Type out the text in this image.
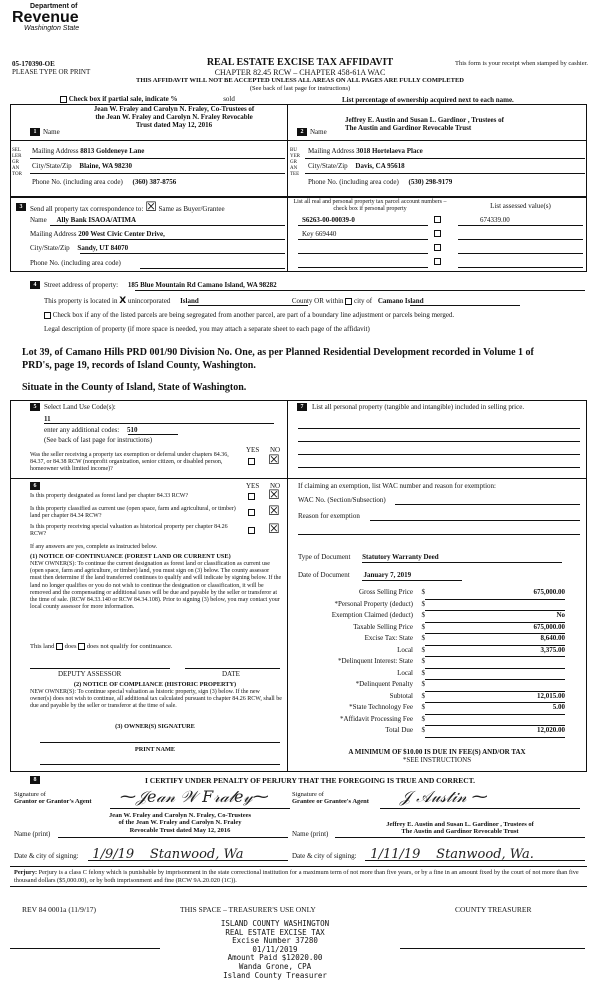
Department of
Revenue
Washington State
05-170390-OE
PLEASE TYPE OR PRINT
REAL ESTATE EXCISE TAX AFFIDAVIT
CHAPTER 82.45 RCW – CHAPTER 458-61A WAC
THIS AFFIDAVIT WILL NOT BE ACCEPTED UNLESS ALL AREAS ON ALL PAGES ARE FULLY COMPLETED
(See back of last page for instructions)
This form is your receipt when stamped by cashier.
Check box if partial sale, indicate %	sold	List percentage of ownership acquired next to each name.
1 Name
Jean W. Fraley and Carolyn N. Fraley, Co-Trustees of
the Jean W. Fraley and Carolyn N. Fraley Revocable
Trust dated May 12, 2016
SELLER GRANTOR
Mailing Address 8813 Goldeneye Lane
City/State/Zip Blaine, WA 98230
Phone No. (including area code) (360) 387-8756
2 Name
Jeffrey E. Austin and Susan L. Gardinor , Trustees of
The Austin and Gardinor Revocable Trust
BUYER GRANTEE
Mailing Address 3018 Hortelaeva Place
City/State/Zip Davis, CA 95618
Phone No. (including area code) (530) 298-9179
3	Send all property tax correspondence to: ☒ Same as Buyer/Grantee
Name Ally Bank ISAOA/ATIMA
Mailing Address 200 West Civic Center Drive,
City/State/Zip Sandy, UT 84070
Phone No. (including area code)
List all real and personal property tax parcel account numbers – check box if personal property	List assessed value(s)
S6263-00-00039-0
Key 669440
674339.00
4	Street address of property: 185 Blue Mountain Rd Camano Island, WA 98282
This property is located in X unincorporated Island	County OR within city of Camano Island
Check box if any of the listed parcels are being segregated from another parcel, are part of a boundary line adjustment or parcels being merged.
Legal description of property (if more space is needed, you may attach a separate sheet to each page of the affidavit)
Lot 39, of Camano Hills PRD 001/90 Division No. One, as per Planned Residential Development recorded in Volume 1 of PRD's, page 19, records of Island County, Washington.
Situate in the County of Island, State of Washington.
5	Select Land Use Code(s):
11
enter any additional codes: 510
(See back of last page for instructions)
YES NO
Was the seller receiving a property tax exemption or deferral under chapters 84.36, 84.37, or 84.38 RCW (nonprofit organization, senior citizen, or disabled person, homeowner with limited income)?
☒
6	YES NO
Is this property designated as forest land per chapter 84.33 RCW?	☒
Is this property classified as current use (open space, farm and agricultural, or timber) land per chapter 84.34 RCW?	☒
Is this property receiving special valuation as historical property per chapter 84.26 RCW?	☒
If any answers are yes, complete as instructed below.
(1) NOTICE OF CONTINUANCE (FOREST LAND OR CURRENT USE)
NEW OWNER(S): To continue the current designation as forest land or classification as current use (open space, farm and agriculture, or timber) land, you must sign on (3) below. The county assessor must then determine if the land transferred continues to qualify and will indicate by signing below. If the land no longer qualifies or you do not wish to continue the designation or classification, it will be removed and the compensating or additional taxes will be due and payable by the seller or transferor at the time of sale. (RCW 84.33.140 or RCW 84.34.108). Prior to signing (3) below, you may contact your local county assessor for more information.
This land does does not qualify for continuance.
DEPUTY ASSESSOR	DATE
(2) NOTICE OF COMPLIANCE (HISTORIC PROPERTY)
NEW OWNER(S): To continue special valuation as historic property, sign (3) below. If the new owner(s) does not wish to continue, all additional tax calculated pursuant to chapter 84.26 RCW, shall be due and payable by the seller or transferor at the time of sale.
(3) OWNER(S) SIGNATURE
PRINT NAME
7	List all personal property (tangible and intangible) included in selling price.
If claiming an exemption, list WAC number and reason for exemption:
WAC No. (Section/Subsection)
Reason for exemption
Type of Document Statutory Warranty Deed
Date of Document January 7, 2019
Gross Selling Price	$	675,000.00
*Personal Property (deduct)	$
Exemption Claimed (deduct)	$	No
Taxable Selling Price	$	675,000.00
Excise Tax: State	$	8,640.00
Local	$	3,375.00
*Delinquent Interest: State	$
Local	$
*Delinquent Penalty	$
Subtotal	$	12,015.00
*State Technology Fee	$	5.00
*Affidavit Processing Fee	$
Total Due	$	12,020.00
A MINIMUM OF $10.00 IS DUE IN FEE(S) AND/OR TAX
*SEE INSTRUCTIONS
8	I CERTIFY UNDER PENALTY OF PERJURY THAT THE FOREGOING IS TRUE AND CORRECT.
Signature of
Grantor or Grantor's Agent ⁓𝒥𝑒𝒶𝓃 𝒲 𝐹𝓇𝒶𝓁𝑒𝓎⁓	Signature of
Grantee or Grantee's Agent 𝒥 𝒜𝓊𝓈𝓉𝒾𝓃 ⁓
Jean W. Fraley and Carolyn N. Fraley, Co-Trustees
of the Jean W. Fraley and Carolyn N. Fraley
Revocable Trust dated May 12, 2016
Name (print)
Jeffrey E. Austin and Susan L. Gardinor , Trustees of
The Austin and Gardinor Revocable Trust
Name (print)
Date & city of signing: 1/9/19 Stanwood, Wa	Date & city of signing: 1/11/19 Stanwood, Wa.
Perjury: Perjury is a class C felony which is punishable by imprisonment in the state correctional institution for a maximum term of not more than five years, or by a fine in an amount fixed by the court of not more than five thousand dollars ($5,000.00), or by both imprisonment and fine (RCW 9A.20.020 (1C)).
REV 84 0001a (11/9/17)	THIS SPACE – TREASURER'S USE ONLY	COUNTY TREASURER
ISLAND COUNTY WASHINGTON
REAL ESTATE EXCISE TAX
Excise Number 37280
01/11/2019
Amount Paid $12020.00
Wanda Grone, CPA
Island County Treasurer
